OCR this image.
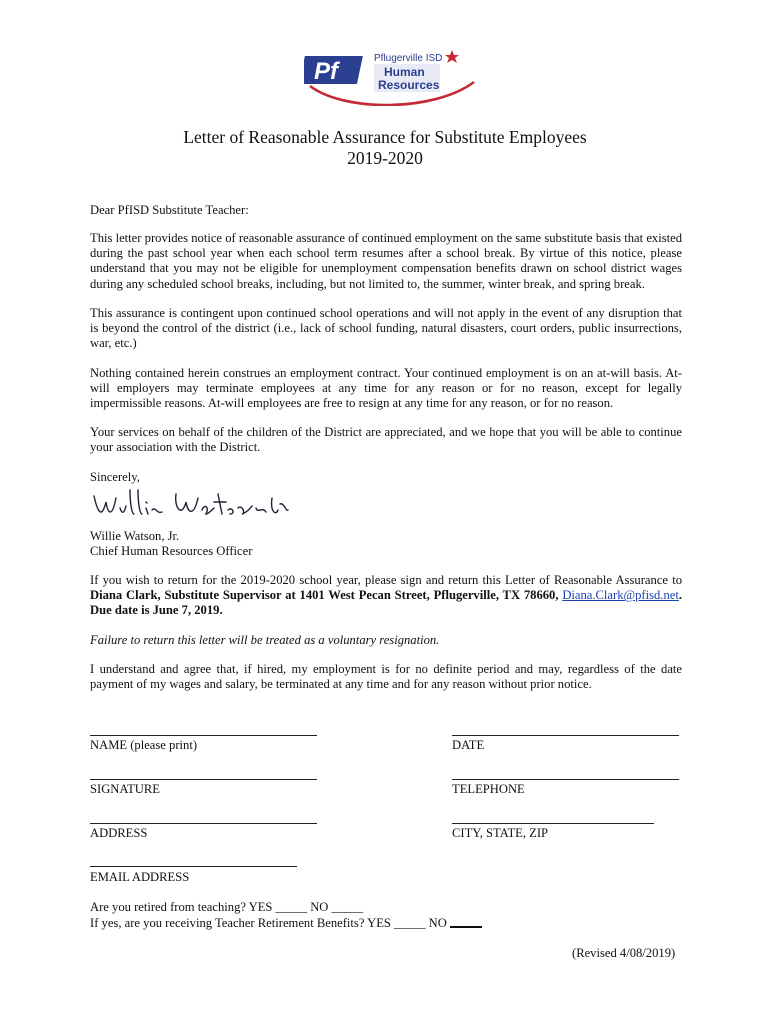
Pf	Pflugerville ISD
Human
Resources
Letter of Reasonable Assurance for Substitute Employees
2019-2020
Dear PfISD Substitute Teacher:
This letter provides notice of reasonable assurance of continued employment on the same substitute basis that existed during the past school year when each school term resumes after a school break. By virtue of this notice, please understand that you may not be eligible for unemployment compensation benefits drawn on school district wages during any scheduled school breaks, including, but not limited to, the summer, winter break, and spring break.
This assurance is contingent upon continued school operations and will not apply in the event of any disruption that is beyond the control of the district (i.e., lack of school funding, natural disasters, court orders, public insurrections, war, etc.)
Nothing contained herein construes an employment contract. Your continued employment is on an at-will basis. At-will employers may terminate employees at any time for any reason or for no reason, except for legally impermissible reasons. At-will employees are free to resign at any time for any reason, or for no reason.
Your services on behalf of the children of the District are appreciated, and we hope that you will be able to continue your association with the District.
Sincerely,
Willie Watson, Jr.
Chief Human Resources Officer
If you wish to return for the 2019-2020 school year, please sign and return this Letter of Reasonable Assurance to Diana Clark, Substitute Supervisor at 1401 West Pecan Street, Pflugerville, TX 78660, Diana.Clark@pfisd.net. Due date is June 7, 2019.
Failure to return this letter will be treated as a voluntary resignation.
I understand and agree that, if hired, my employment is for no definite period and may, regardless of the date payment of my wages and salary, be terminated at any time and for any reason without prior notice.
NAME (please print)	DATE
SIGNATURE	TELEPHONE
ADDRESS	CITY, STATE, ZIP
EMAIL ADDRESS
Are you retired from teaching? YES _____ NO _____
If yes, are you receiving Teacher Retirement Benefits? YES _____ NO
(Revised 4/08/2019)
